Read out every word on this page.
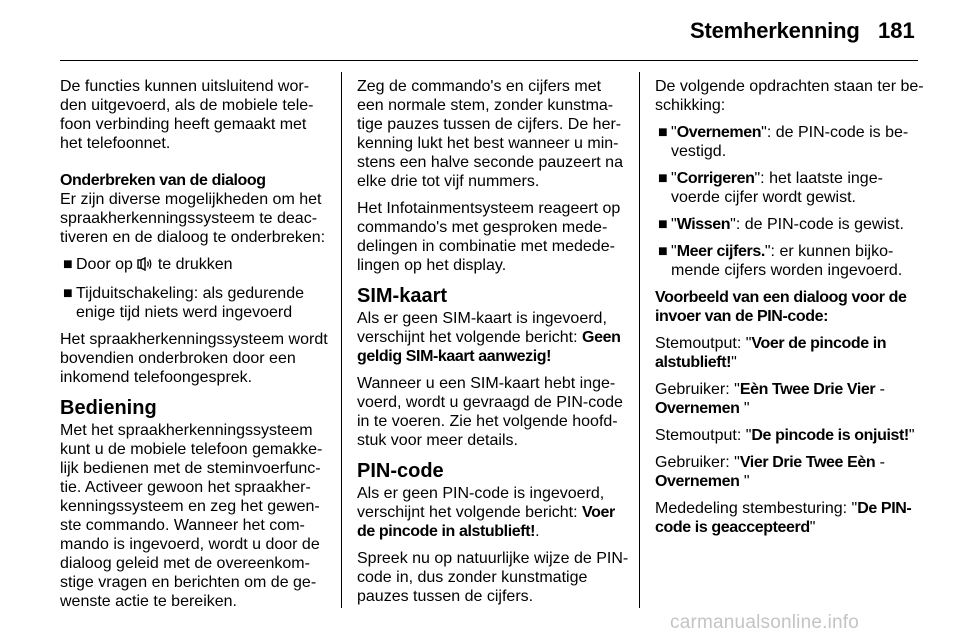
Stemherkenning 181

De functies kunnen uitsluitend wor-den uitgevoerd, als de mobiele tele-foon verbinding heeft gemaakt met het telefoonnet.

Onderbreken van de dialoog

Er zijn diverse mogelijkheden om het spraakherkenningssysteem te deac-tiveren en de dialoog te onderbreken:

■ Door op te drukken
■ Tijduitschakeling: als gedurende enige tijd niets werd ingevoerd

Het spraakherkenningssysteem wordt bovendien onderbroken door een inkomend telefoongesprek.

Bediening

Met het spraakherkenningssysteem kunt u de mobiele telefoon gemakke-lijk bedienen met de steminvoerfunc-tie. Activeer gewoon het spraakher-kenningssysteem en zeg het gewen-ste commando. Wanneer het com-mando is ingevoerd, wordt u door de dialoog geleid met de overeenkom-stige vragen en berichten om de ge-wenste actie te bereiken.

Zeg de commando's en cijfers met een normale stem, zonder kunstma-tige pauzes tussen de cijfers. De her-kenning lukt het best wanneer u min-stens een halve seconde pauzeert na elke drie tot vijf nummers.

Het Infotainmentsysteem reageert op commando's met gesproken mede-delingen in combinatie met medede-lingen op het display.

SIM-kaart

Als er geen SIM-kaart is ingevoerd, verschijnt het volgende bericht: Geen geldig SIM-kaart aanwezig!

Wanneer u een SIM-kaart hebt inge-voerd, wordt u gevraagd de PIN-code in te voeren. Zie het volgende hoofd-stuk voor meer details.

PIN-code

Als er geen PIN-code is ingevoerd, verschijnt het volgende bericht: Voer de pincode in alstublieft!.

Spreek nu op natuurlijke wijze de PIN-code in, dus zonder kunstmatige pauzes tussen de cijfers.

De volgende opdrachten staan ter be-schikking:

■ "Overnemen": de PIN-code is be-vestigd.
■ "Corrigeren": het laatste inge-voerde cijfer wordt gewist.
■ "Wissen": de PIN-code is gewist.
■ "Meer cijfers.": er kunnen bijko-mende cijfers worden ingevoerd.

Voorbeeld van een dialoog voor de invoer van de PIN-code:

Stemoutput: "Voer de pincode in alstublieft!"

Gebruiker: "Eèn Twee Drie Vier - Overnemen "

Stemoutput: "De pincode is onjuist!"

Gebruiker: "Vier Drie Twee Eèn - Overnemen "

Mededeling stembesturing: "De PIN-code is geaccepteerd"

carmanualsonline.info
